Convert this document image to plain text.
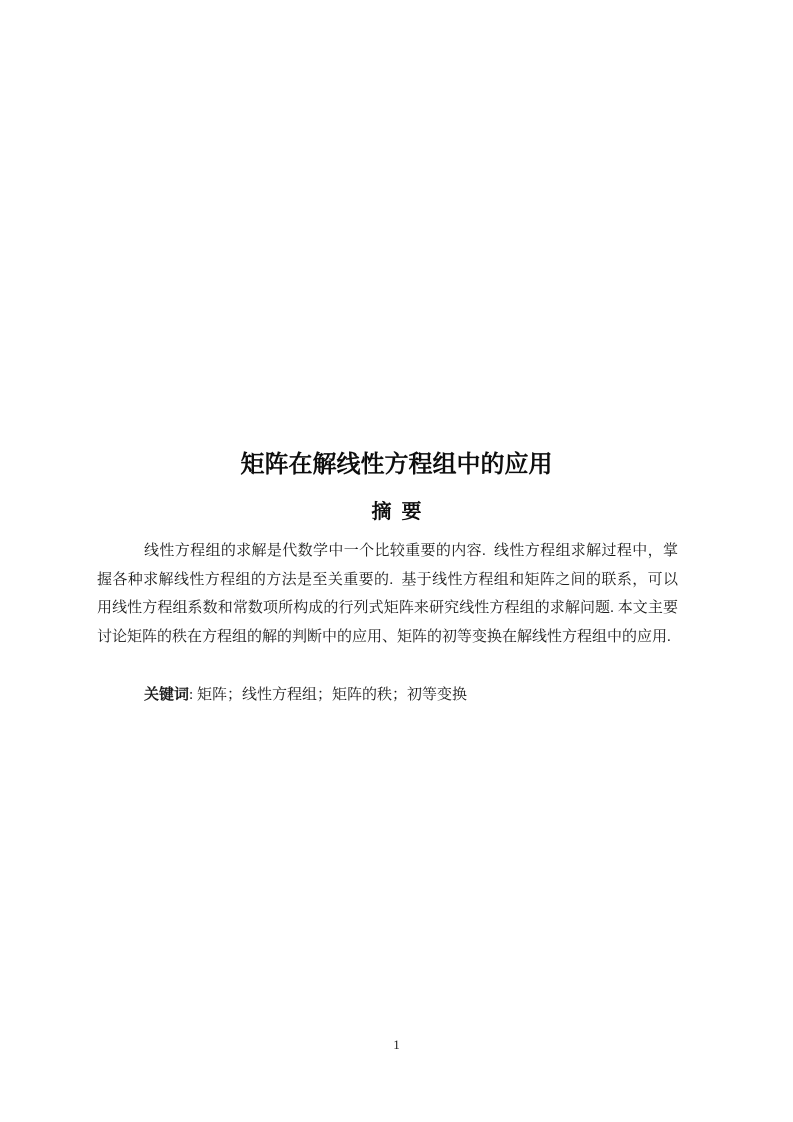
矩阵在解线性方程组中的应用
摘要

线性方程组的求解是代数学中一个比较重要的内容.  线性方程组求解过程中，掌握各种求解线性方程组的方法是至关重要的.  基于线性方程组和矩阵之间的联系，可以用线性方程组系数和常数项所构成的行列式矩阵来研究线性方程组的求解问题. 本文主要讨论矩阵的秩在方程组的解的判断中的应用、矩阵的初等变换在解线性方程组中的应用.

关键词: 矩阵；线性方程组；矩阵的秩；初等变换

1
